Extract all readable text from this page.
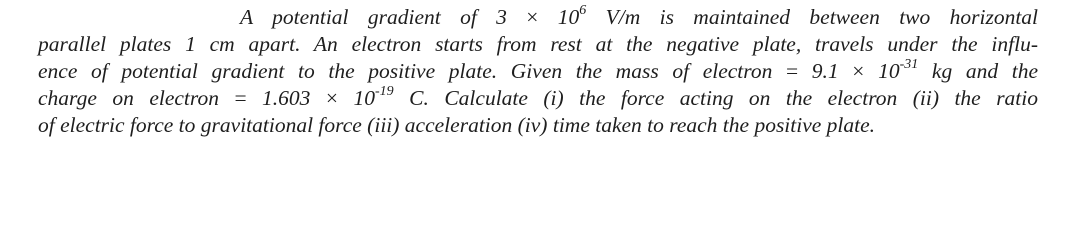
A potential gradient of $3 \times 10^6$ V/m is maintained between two horizontal
parallel plates 1 cm apart. An electron starts from rest at the negative plate, travels under the influ-
ence of potential gradient to the positive plate. Given the mass of electron = $9.1 \times 10^{-31}$ kg and the
charge on electron = $1.603 \times 10^{-19}$ C. Calculate (i) the force acting on the electron (ii) the ratio
of electric force to gravitational force (iii) acceleration (iv) time taken to reach the positive plate.
